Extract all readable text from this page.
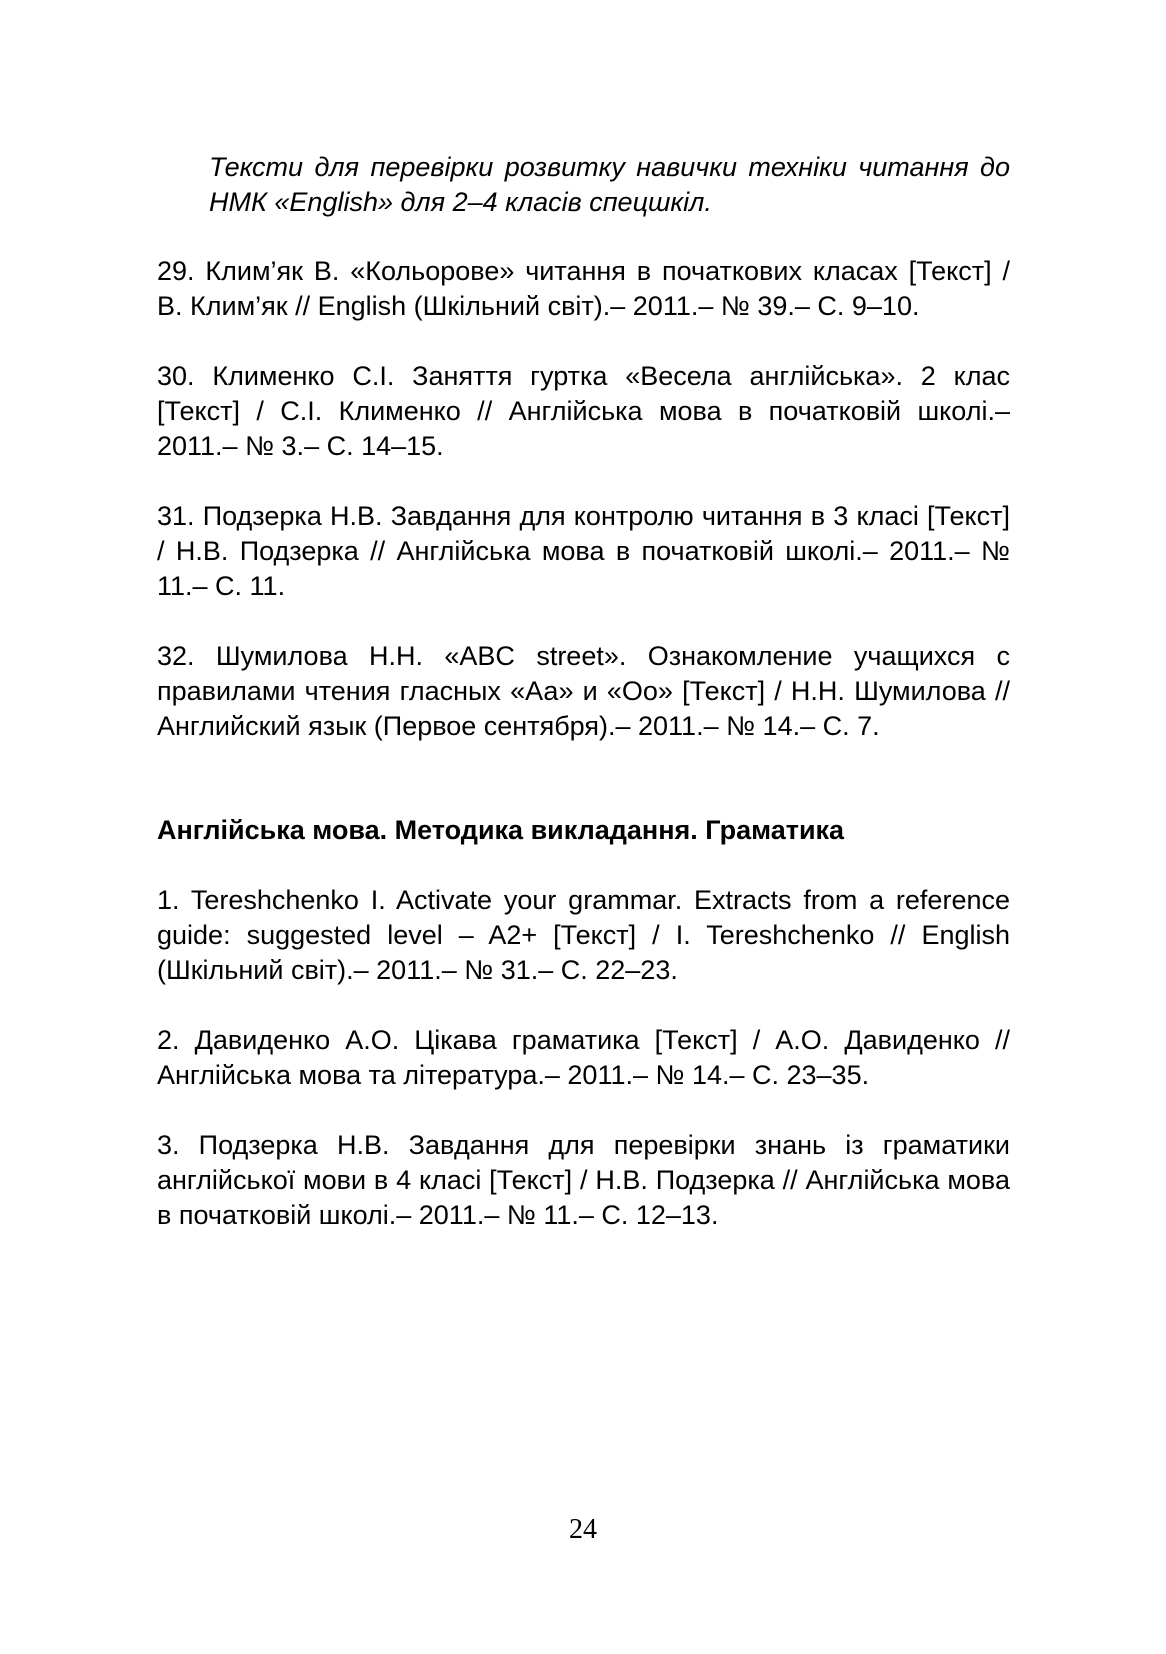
Тексти для перевірки розвитку навички техніки читання до НМК «English» для 2–4 класів спецшкіл.

29. Клим’як В. «Кольорове» читання в початкових класах [Текст] / В. Клим’як // English (Шкільний світ).– 2011.– № 39.– С. 9–10.

30. Клименко С.І. Заняття гуртка «Весела англійська». 2 клас [Текст] / С.І. Клименко // Англійська мова в початковій школі.– 2011.– № 3.– С. 14–15.

31. Подзерка Н.В. Завдання для контролю читання в 3 класі [Текст] / Н.В. Подзерка // Англійська мова в початковій школі.– 2011.– № 11.– С. 11.

32. Шумилова Н.Н. «ABC street». Ознакомление учащихся с правилами чтения гласных «Аа» и «Оо» [Текст] / Н.Н. Шумилова // Английский язык (Первое сентября).– 2011.– № 14.– С. 7.

Англійська мова. Методика викладання. Граматика

1. Tereshchenko I. Activate your grammar. Extracts from a reference guide: suggested level – A2+ [Текст] / I. Tereshchenko // English (Шкільний світ).– 2011.– № 31.– С. 22–23.

2. Давиденко А.О. Цікава граматика [Текст] / А.О. Давиденко // Англійська мова та література.– 2011.– № 14.– С. 23–35.

3. Подзерка Н.В. Завдання для перевірки знань із граматики англійської мови в 4 класі [Текст] / Н.В. Подзерка // Англійська мова в початковій школі.– 2011.– № 11.– С. 12–13.

24
